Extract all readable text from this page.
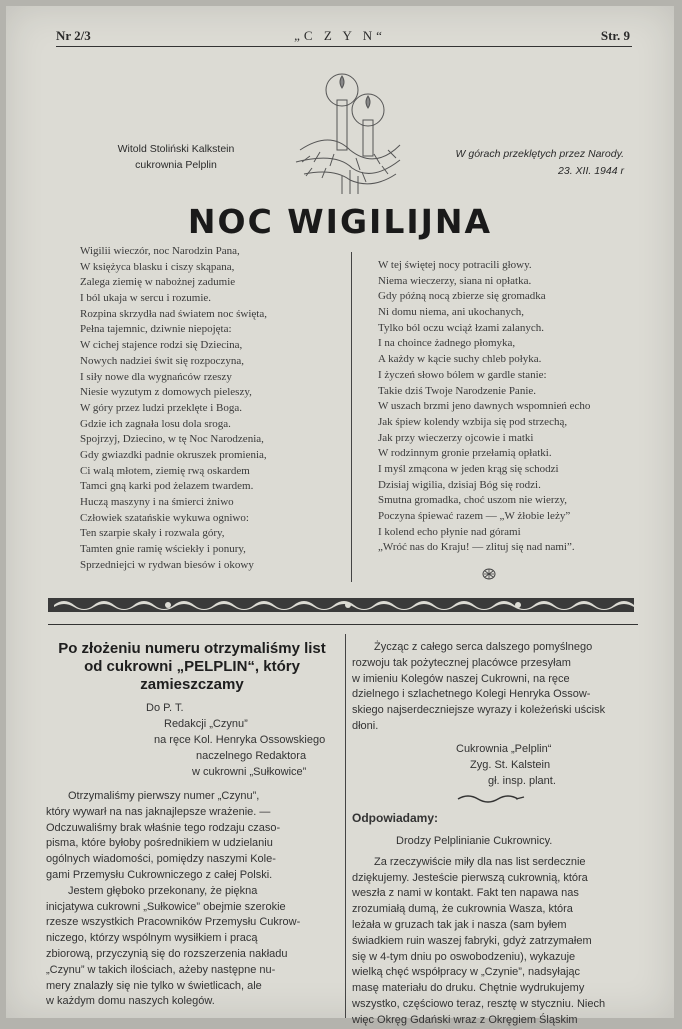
Nr 2/3	„C Z Y N“	Str. 9
Witold Stoliński Kalkstein
cukrownia Pelplin
W górach przeklętych przez Narody.
23. XII. 1944 r
NOC WIGILIJNA
Wigilii wieczór, noc Narodzin Pana,
W księżyca blasku i ciszy skąpana,
Zalega ziemię w nabożnej zadumie
I ból ukaja w sercu i rozumie.
Rozpina skrzydła nad światem noc święta,
Pełna tajemnic, dziwnie niepojęta:
W cichej stajence rodzi się Dziecina,
Nowych nadziei świt się rozpoczyna,
I siły nowe dla wygnańców rzeszy
Niesie wyzutym z domowych pieleszy,
W góry przez ludzi przeklęte i Boga.
Gdzie ich zagnała losu dola sroga.
Spojrzyj, Dziecino, w tę Noc Narodzenia,
Gdy gwiazdki padnie okruszek promienia,
Ci walą młotem, ziemię rwą oskardem
Tamci gną karki pod żelazem twardem.
Huczą maszyny i na śmierci żniwo
Człowiek szatańskie wykuwa ogniwo:
Ten szarpie skały i rozwala góry,
Tamten gnie ramię wściekły i ponury,
Sprzedniejci w rydwan biesów i okowy
W tej świętej nocy potracili głowy.
Niema wieczerzy, siana ni opłatka.
Gdy późną nocą zbierze się gromadka
Ni domu niema, ani ukochanych,
Tylko ból oczu wciąż łzami zalanych.
I na choince żadnego płomyka,
A każdy w kącie suchy chleb połyka.
I życzeń słowo bólem w gardle stanie:
Takie dziś Twoje Narodzenie Panie.
W uszach brzmi jeno dawnych wspomnień echo
Jak śpiew kolendy wzbija się pod strzechą,
Jak przy wieczerzy ojcowie i matki
W rodzinnym gronie przełamią opłatki.
I myśl zmącona w jeden krąg się schodzi
Dzisiaj wigilia, dzisiaj Bóg się rodzi.
Smutna gromadka, choć uszom nie wierzy,
Poczyna śpiewać razem — „W żłobie leży”
I kolend echo płynie nad górami
„Wróć nas do Kraju! — zlituj się nad nami”.
Po złożeniu numeru otrzymaliśmy list
od cukrowni „PELPLIN“, który
zamieszczamy
Do P. T.
Redakcji „Czynu”
na ręce Kol. Henryka Ossowskiego
naczelnego Redaktora
w cukrowni „Sułkowice”
Otrzymaliśmy pierwszy numer „Czynu”,
który wywarł na nas jaknajlepsze wrażenie. —
Odczuwaliśmy brak właśnie tego rodzaju czaso-
pisma, które byłoby pośrednikiem w udzielaniu
ogólnych wiadomości, pomiędzy naszymi Kole-
gami Przemysłu Cukrowniczego z całej Polski.
Jestem głęboko przekonany, że piękna
inicjatywa cukrowni „Sułkowice” obejmie szerokie
rzesze wszystkich Pracowników Przemysłu Cukrow-
niczego, którzy wspólnym wysiłkiem i pracą
zbiorową, przyczynią się do rozszerzenia nakładu
„Czynu” w takich ilościach, ażeby następne nu-
mery znalazły się nie tylko w świetlicach, ale
w każdym domu naszych kolegów.
Życząc z całego serca dalszego pomyślnego
rozwoju tak pożytecznej placówce przesyłam
w imieniu Kolegów naszej Cukrowni, na ręce
dzielnego i szlachetnego Kolegi Henryka Ossow-
skiego najserdeczniejsze wyrazy i koleżeński uścisk
dłoni.
Cukrownia „Pelplin“
Zyg. St. Kalstein
gł. insp. plant.
Odpowiadamy:
Drodzy Pelplinianie Cukrownicy.
Za rzeczywiście miły dla nas list serdecznie
dziękujemy. Jesteście pierwszą cukrownią, która
weszła z nami w kontakt. Fakt ten napawa nas
zrozumiałą dumą, że cukrownia Wasza, która
leżała w gruzach tak jak i nasza (sam byłem
świadkiem ruin waszej fabryki, gdyż zatrzymałem
się w 4-tym dniu po oswobodzeniu), wykazuje
wielką chęć współpracy w „Czynie”, nadsyłając
masę materiału do druku. Chętnie wydrukujemy
wszystko, częściowo teraz, resztę w styczniu. Niech
więc Okręg Gdański wraz z Okręgiem Śląskim
